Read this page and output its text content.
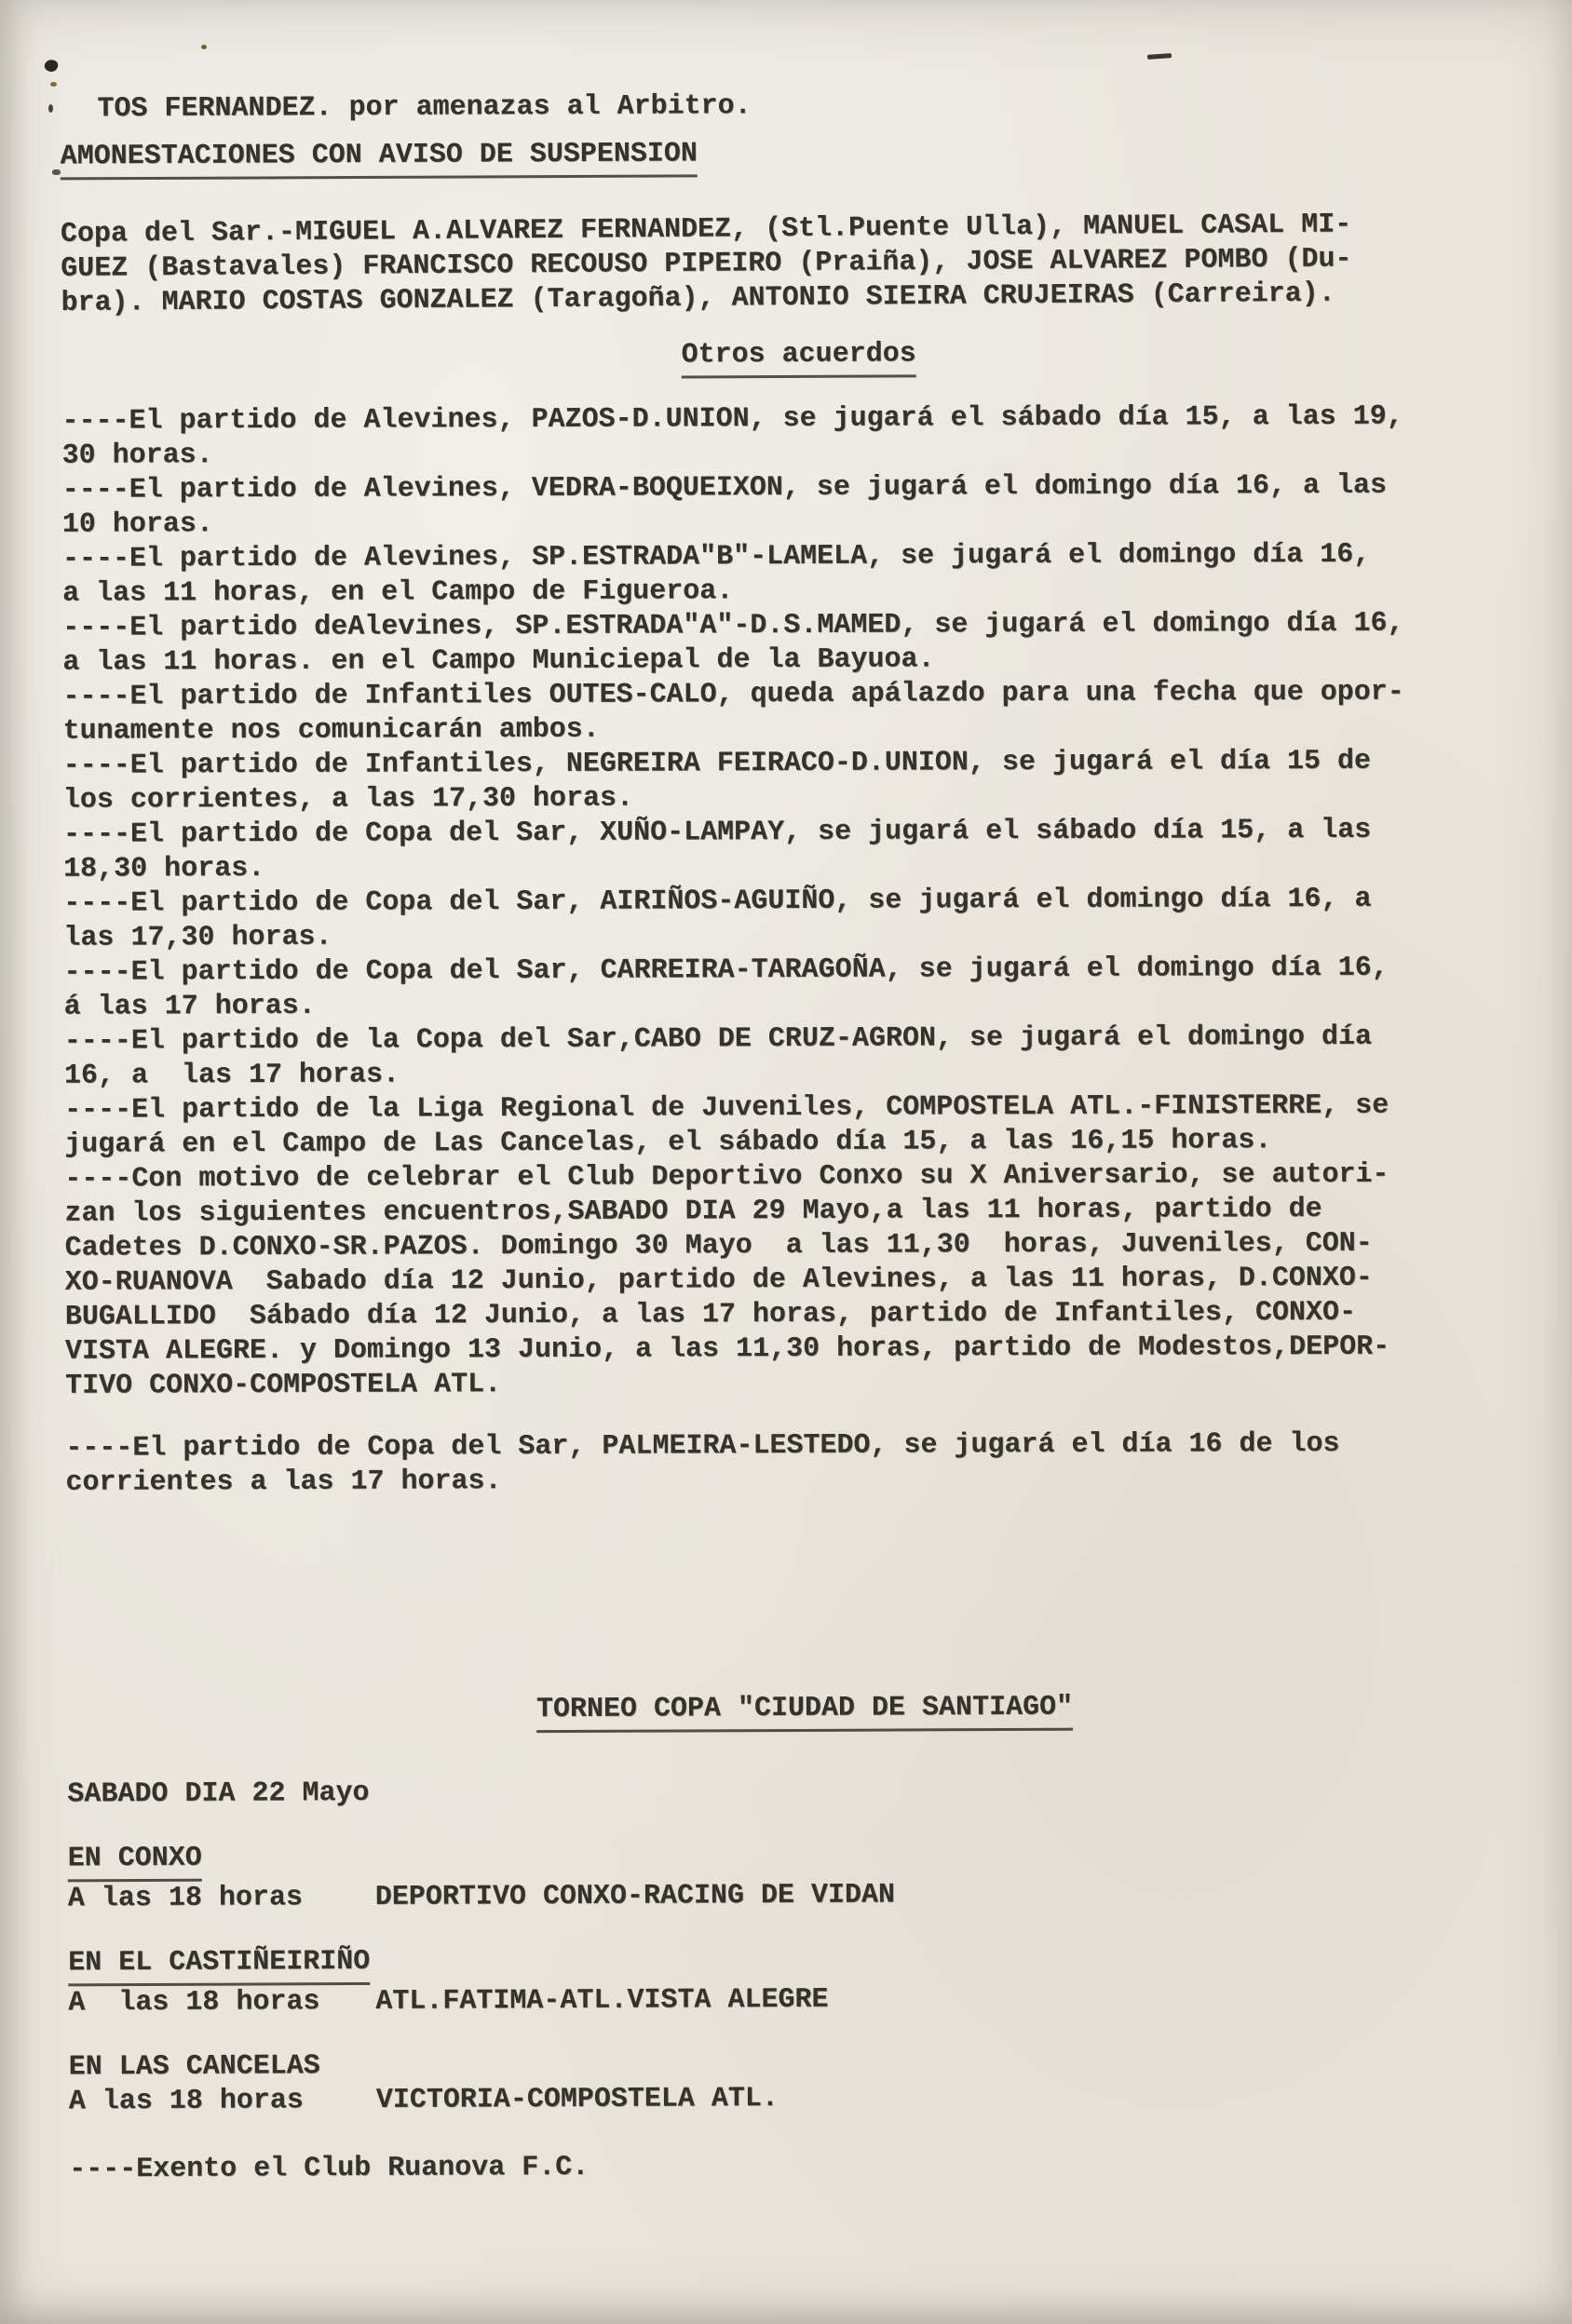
TOS FERNANDEZ. por amenazas al Arbitro.

AMONESTACIONES CON AVISO DE SUSPENSION

Copa del Sar.-MIGUEL A.ALVAREZ FERNANDEZ, (Stl.Puente Ulla), MANUEL CASAL MI-
GUEZ (Bastavales) FRANCISCO RECOUSO PIPEIRO (Praiña), JOSE ALVAREZ POMBO (Du-
bra). MARIO COSTAS GONZALEZ (Taragoña), ANTONIO SIEIRA CRUJEIRAS (Carreira).

Otros acuerdos

----El partido de Alevines, PAZOS-D.UNION, se jugará el sábado día 15, a las 19,
30 horas.

----El partido de Alevines, VEDRA-BOQUEIXON, se jugará el domingo día 16, a las
10 horas.

----El partido de Alevines, SP.ESTRADA"B"-LAMELA, se jugará el domingo día 16,
a las 11 horas, en el Campo de Figueroa.

----El partido deAlevines, SP.ESTRADA"A"-D.S.MAMED, se jugará el domingo día 16,
a las 11 horas. en el Campo Municiepal de la Bayuoa.

----El partido de Infantiles OUTES-CALO, queda apálazdo para una fecha que opor-
tunamente nos comunicarán ambos.

----El partido de Infantiles, NEGREIRA FEIRACO-D.UNION, se jugará el día 15 de
los corrientes, a las 17,30 horas.

----El partido de Copa del Sar, XUÑO-LAMPAY, se jugará el sábado día 15, a las
18,30 horas.

----El partido de Copa del Sar, AIRIÑOS-AGUIÑO, se jugará el domingo día 16, a
las 17,30 horas.

----El partido de Copa del Sar, CARREIRA-TARAGOÑA, se jugará el domingo día 16,
á las 17 horas.

----El partido de la Copa del Sar,CABO DE CRUZ-AGRON, se jugará el domingo día
16, a  las 17 horas.

----El partido de la Liga Regional de Juveniles, COMPOSTELA ATL.-FINISTERRE, se
jugará en el Campo de Las Cancelas, el sábado día 15, a las 16,15 horas.

----Con motivo de celebrar el Club Deportivo Conxo su X Aniversario, se autori-
zan los siguientes encuentros,SABADO DIA 29 Mayo,a las 11 horas, partido de
Cadetes D.CONXO-SR.PAZOS. Domingo 30 Mayo  a las 11,30  horas, Juveniles, CON-
XO-RUANOVA  Sabado día 12 Junio, partido de Alevines, a las 11 horas, D.CONXO-
BUGALLIDO  Sábado día 12 Junio, a las 17 horas, partido de Infantiles, CONXO-
VISTA ALEGRE. y Domingo 13 Junio, a las 11,30 horas, partido de Modestos,DEPOR-
TIVO CONXO-COMPOSTELA ATL.

----El partido de Copa del Sar, PALMEIRA-LESTEDO, se jugará el día 16 de los
corrientes a las 17 horas.

TORNEO COPA "CIUDAD DE SANTIAGO"

SABADO DIA 22 Mayo

EN CONXO
A las 18 horas	DEPORTIVO CONXO-RACING DE VIDAN
EN EL CASTIÑEIRIÑO
A  las 18 horas	ATL.FATIMA-ATL.VISTA ALEGRE
EN LAS CANCELAS
A las 18 horas	VICTORIA-COMPOSTELA ATL.

----Exento el Club Ruanova F.C.
